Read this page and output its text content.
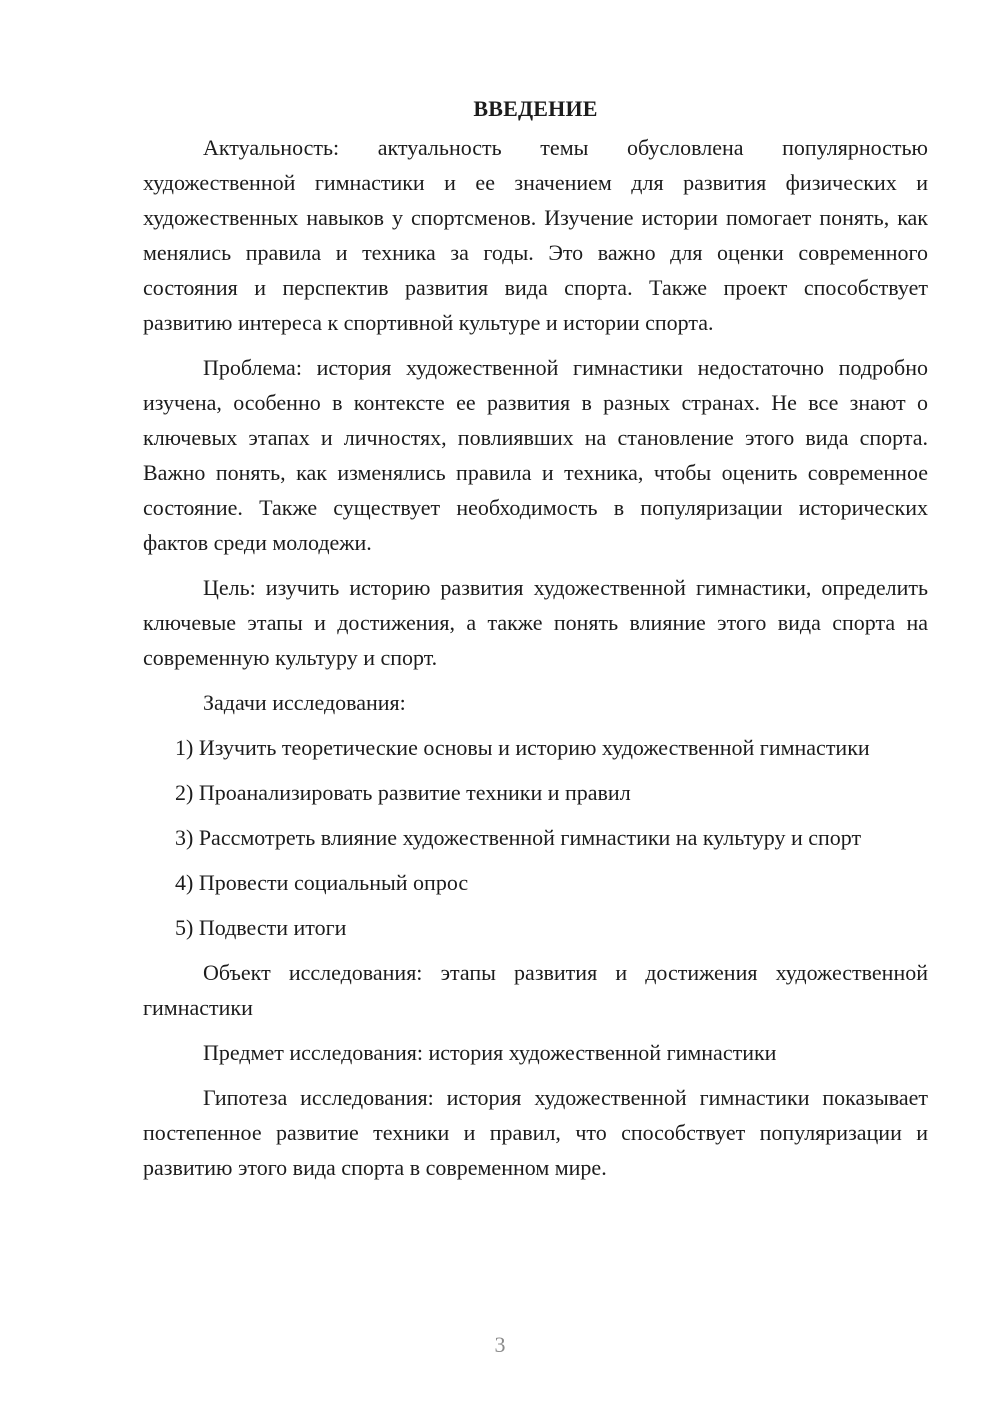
ВВЕДЕНИЕ

Актуальность: актуальность темы обусловлена популярностью художественной гимнастики и ее значением для развития физических и художественных навыков у спортсменов. Изучение истории помогает понять, как менялись правила и техника за годы. Это важно для оценки современного состояния и перспектив развития вида спорта. Также проект способствует развитию интереса к спортивной культуре и истории спорта.

Проблема: история художественной гимнастики недостаточно подробно изучена, особенно в контексте ее развития в разных странах. Не все знают о ключевых этапах и личностях, повлиявших на становление этого вида спорта. Важно понять, как изменялись правила и техника, чтобы оценить современное состояние. Также существует необходимость в популяризации исторических фактов среди молодежи.

Цель: изучить историю развития художественной гимнастики, определить ключевые этапы и достижения, а также понять влияние этого вида спорта на современную культуру и спорт.

Задачи исследования:

1) Изучить теоретические основы и историю художественной гимнастики

2) Проанализировать развитие техники и правил

3) Рассмотреть влияние художественной гимнастики на культуру и спорт

4) Провести социальный опрос

5) Подвести итоги

Объект исследования: этапы развития и достижения художественной гимнастики

Предмет исследования: история художественной гимнастики

Гипотеза исследования: история художественной гимнастики показывает постепенное развитие техники и правил, что способствует популяризации и развитию этого вида спорта в современном мире.

3
